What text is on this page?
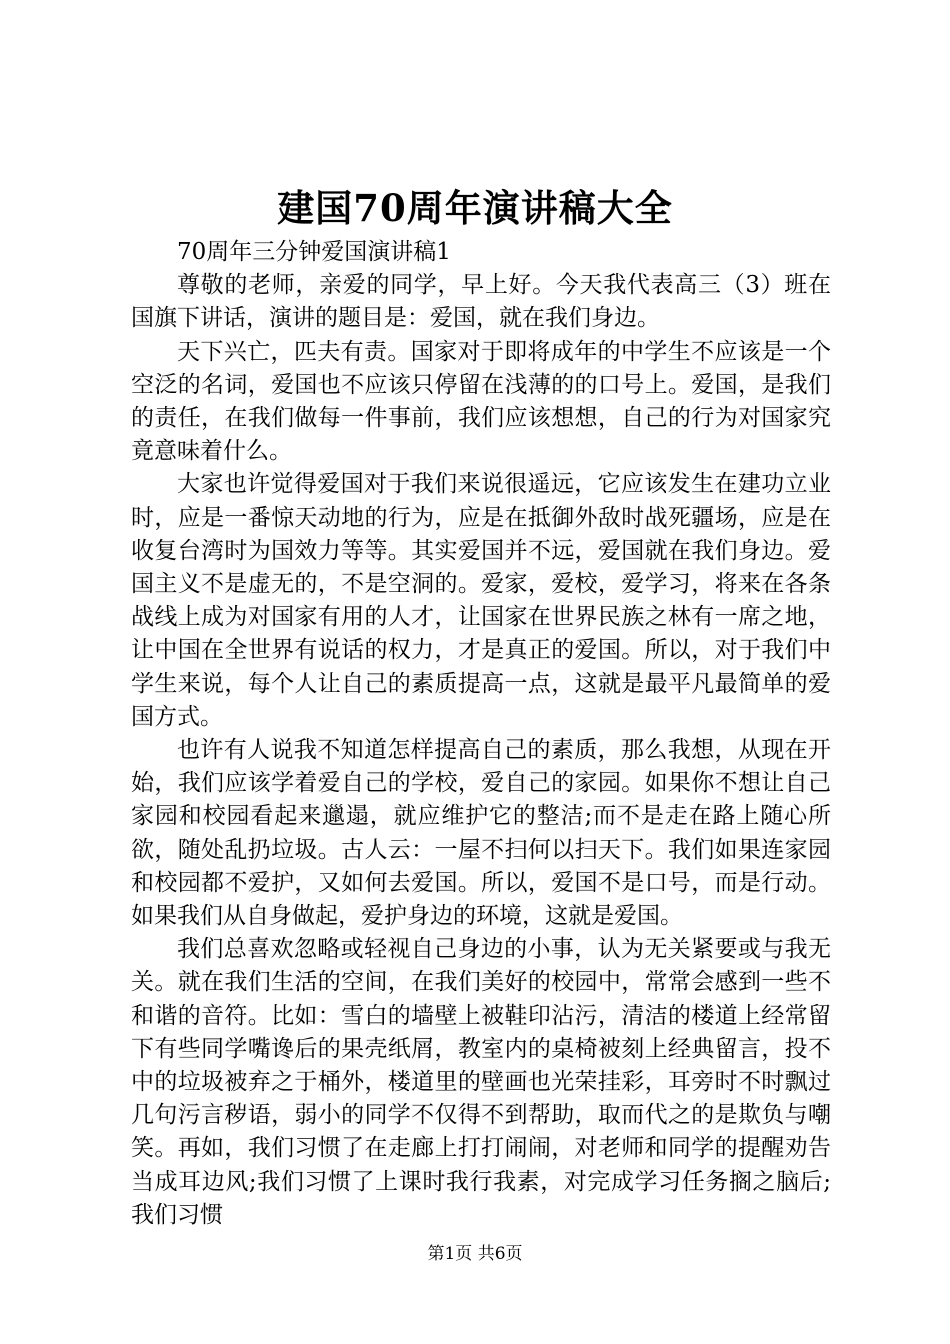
建国70周年演讲稿大全

70周年三分钟爱国演讲稿1

尊敬的老师，亲爱的同学，早上好。今天我代表高三（3）班在国旗下讲话，演讲的题目是：爱国，就在我们身边。

天下兴亡，匹夫有责。国家对于即将成年的中学生不应该是一个空泛的名词，爱国也不应该只停留在浅薄的的口号上。爱国，是我们的责任，在我们做每一件事前，我们应该想想，自己的行为对国家究竟意味着什么。

大家也许觉得爱国对于我们来说很遥远，它应该发生在建功立业时，应是一番惊天动地的行为，应是在抵御外敌时战死疆场，应是在收复台湾时为国效力等等。其实爱国并不远，爱国就在我们身边。爱国主义不是虚无的，不是空洞的。爱家，爱校，爱学习，将来在各条战线上成为对国家有用的人才，让国家在世界民族之林有一席之地，让中国在全世界有说话的权力，才是真正的爱国。所以，对于我们中学生来说，每个人让自己的素质提高一点，这就是最平凡最简单的爱国方式。

也许有人说我不知道怎样提高自己的素质，那么我想，从现在开始，我们应该学着爱自己的学校，爱自己的家园。如果你不想让自己家园和校园看起来邋遢，就应维护它的整洁;而不是走在路上随心所欲，随处乱扔垃圾。古人云：一屋不扫何以扫天下。我们如果连家园和校园都不爱护，又如何去爱国。所以，爱国不是口号，而是行动。如果我们从自身做起，爱护身边的环境，这就是爱国。

我们总喜欢忽略或轻视自己身边的小事，认为无关紧要或与我无关。就在我们生活的空间，在我们美好的校园中，常常会感到一些不和谐的音符。比如：雪白的墙壁上被鞋印沾污，清洁的楼道上经常留下有些同学嘴谗后的果壳纸屑，教室内的桌椅被刻上经典留言，投不中的垃圾被弃之于桶外，楼道里的壁画也光荣挂彩，耳旁时不时飘过几句污言秽语，弱小的同学不仅得不到帮助，取而代之的是欺负与嘲笑。再如，我们习惯了在走廊上打打闹闹，对老师和同学的提醒劝告当成耳边风;我们习惯了上课时我行我素，对完成学习任务搁之脑后;我们习惯

第1页 共6页
